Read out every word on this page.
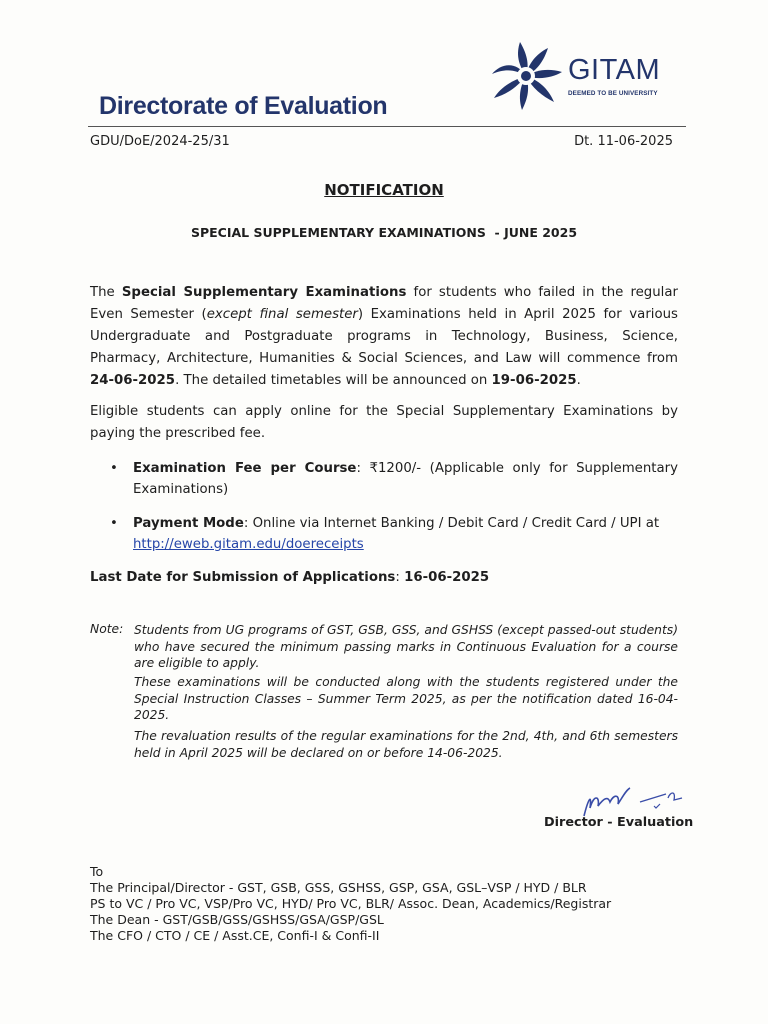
Directorate of Evaluation
GITAM
DEEMED TO BE UNIVERSITY
GDU/DoE/2024-25/31	Dt. 11-06-2025
NOTIFICATION
SPECIAL SUPPLEMENTARY EXAMINATIONS  - JUNE 2025
The Special Supplementary Examinations for students who failed in the regular Even Semester (except final semester) Examinations held in April 2025 for various Undergraduate and Postgraduate programs in Technology, Business, Science, Pharmacy, Architecture, Humanities & Social Sciences, and Law will commence from 24-06-2025. The detailed timetables will be announced on 19-06-2025.
Eligible students can apply online for the Special Supplementary Examinations by paying the prescribed fee.
• Examination Fee per Course: ₹1200/- (Applicable only for Supplementary Examinations)
• Payment Mode: Online via Internet Banking / Debit Card / Credit Card / UPI at
http://eweb.gitam.edu/doereceipts
Last Date for Submission of Applications: 16-06-2025
Note: Students from UG programs of GST, GSB, GSS, and GSHSS (except passed-out students) who have secured the minimum passing marks in Continuous Evaluation for a course are eligible to apply.
These examinations will be conducted along with the students registered under the Special Instruction Classes – Summer Term 2025, as per the notification dated 16-04-2025.
The revaluation results of the regular examinations for the 2nd, 4th, and 6th semesters held in April 2025 will be declared on or before 14-06-2025.
Director - Evaluation
To
The Principal/Director - GST, GSB, GSS, GSHSS, GSP, GSA, GSL–VSP / HYD / BLR
PS to VC / Pro VC, VSP/Pro VC, HYD/ Pro VC, BLR/ Assoc. Dean, Academics/Registrar
The Dean - GST/GSB/GSS/GSHSS/GSA/GSP/GSL
The CFO / CTO / CE / Asst.CE, Confi-I & Confi-II
